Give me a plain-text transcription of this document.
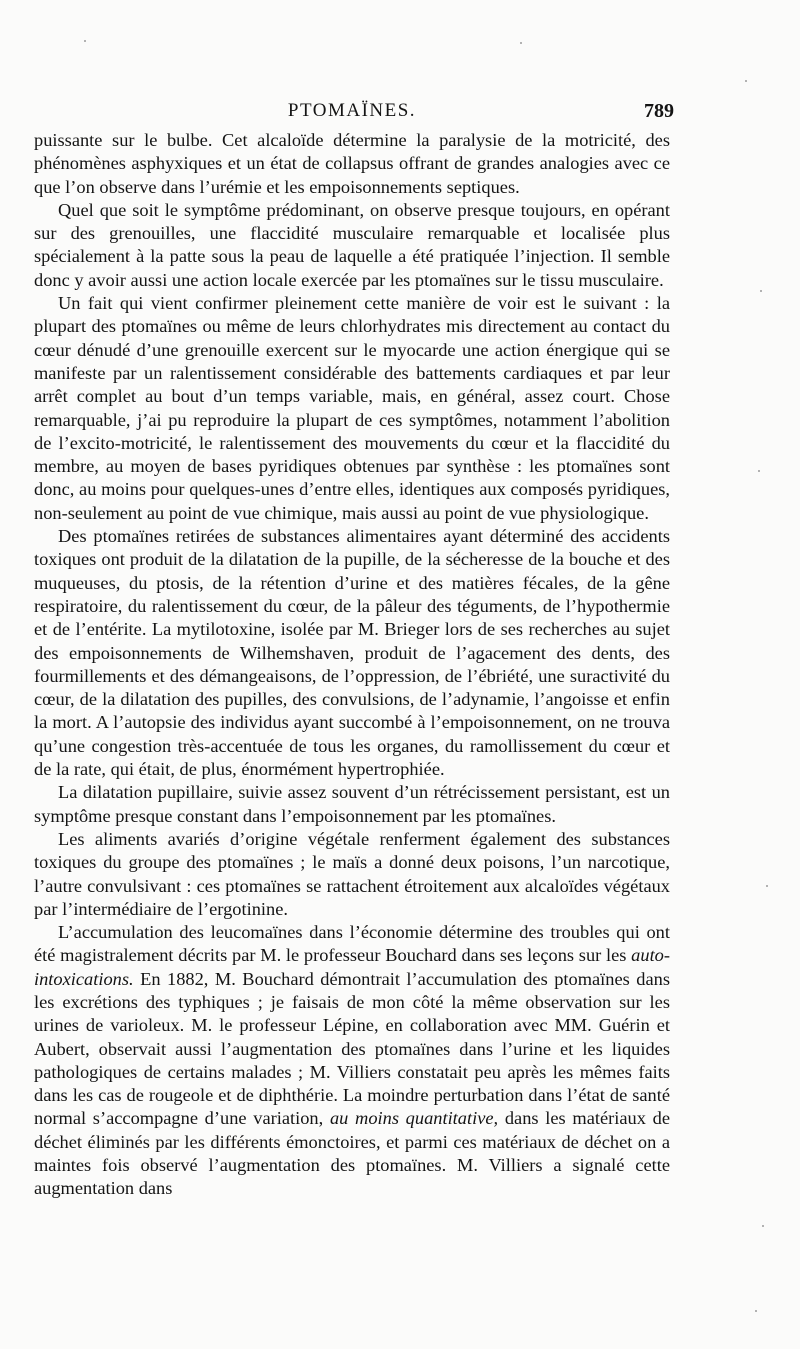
PTOMAÏNES.	789

puissante sur le bulbe. Cet alcaloïde détermine la paralysie de la motricité, des phénomènes asphyxiques et un état de collapsus offrant de grandes analogies avec ce que l’on observe dans l’urémie et les empoisonnements septiques.

Quel que soit le symptôme prédominant, on observe presque toujours, en opérant sur des grenouilles, une flaccidité musculaire remarquable et localisée plus spécialement à la patte sous la peau de laquelle a été pratiquée l’injection. Il semble donc y avoir aussi une action locale exercée par les ptomaïnes sur le tissu musculaire.

Un fait qui vient confirmer pleinement cette manière de voir est le suivant : la plupart des ptomaïnes ou même de leurs chlorhydrates mis directement au contact du cœur dénudé d’une grenouille exercent sur le myocarde une action énergique qui se manifeste par un ralentissement considérable des battements cardiaques et par leur arrêt complet au bout d’un temps variable, mais, en général, assez court. Chose remarquable, j’ai pu reproduire la plupart de ces symptômes, notamment l’abolition de l’excito-motricité, le ralentissement des mouvements du cœur et la flaccidité du membre, au moyen de bases pyridiques obtenues par synthèse : les ptomaïnes sont donc, au moins pour quelques-unes d’entre elles, identiques aux composés pyridiques, non-seulement au point de vue chimique, mais aussi au point de vue physiologique.

Des ptomaïnes retirées de substances alimentaires ayant déterminé des accidents toxiques ont produit de la dilatation de la pupille, de la sécheresse de la bouche et des muqueuses, du ptosis, de la rétention d’urine et des matières fécales, de la gêne respiratoire, du ralentissement du cœur, de la pâleur des téguments, de l’hypothermie et de l’entérite. La mytilotoxine, isolée par M. Brieger lors de ses recherches au sujet des empoisonnements de Wilhemshaven, produit de l’agacement des dents, des fourmillements et des démangeaisons, de l’oppression, de l’ébriété, une suractivité du cœur, de la dilatation des pupilles, des convulsions, de l’adynamie, l’angoisse et enfin la mort. A l’autopsie des individus ayant succombé à l’empoisonnement, on ne trouva qu’une congestion très-accentuée de tous les organes, du ramollissement du cœur et de la rate, qui était, de plus, énormément hypertrophiée.

La dilatation pupillaire, suivie assez souvent d’un rétrécissement persistant, est un symptôme presque constant dans l’empoisonnement par les ptomaïnes.

Les aliments avariés d’origine végétale renferment également des substances toxiques du groupe des ptomaïnes ; le maïs a donné deux poisons, l’un narcotique, l’autre convulsivant : ces ptomaïnes se rattachent étroitement aux alcaloïdes végétaux par l’intermédiaire de l’ergotinine.

L’accumulation des leucomaïnes dans l’économie détermine des troubles qui ont été magistralement décrits par M. le professeur Bouchard dans ses leçons sur les auto-intoxications. En 1882, M. Bouchard démontrait l’accumulation des ptomaïnes dans les excrétions des typhiques ; je faisais de mon côté la même observation sur les urines de varioleux. M. le professeur Lépine, en collaboration avec MM. Guérin et Aubert, observait aussi l’augmentation des ptomaïnes dans l’urine et les liquides pathologiques de certains malades ; M. Villiers constatait peu après les mêmes faits dans les cas de rougeole et de diphthérie. La moindre perturbation dans l’état de santé normal s’accompagne d’une variation, au moins quantitative, dans les matériaux de déchet éliminés par les différents émonctoires, et parmi ces matériaux de déchet on a maintes fois observé l’augmentation des ptomaïnes. M. Villiers a signalé cette augmentation dans
